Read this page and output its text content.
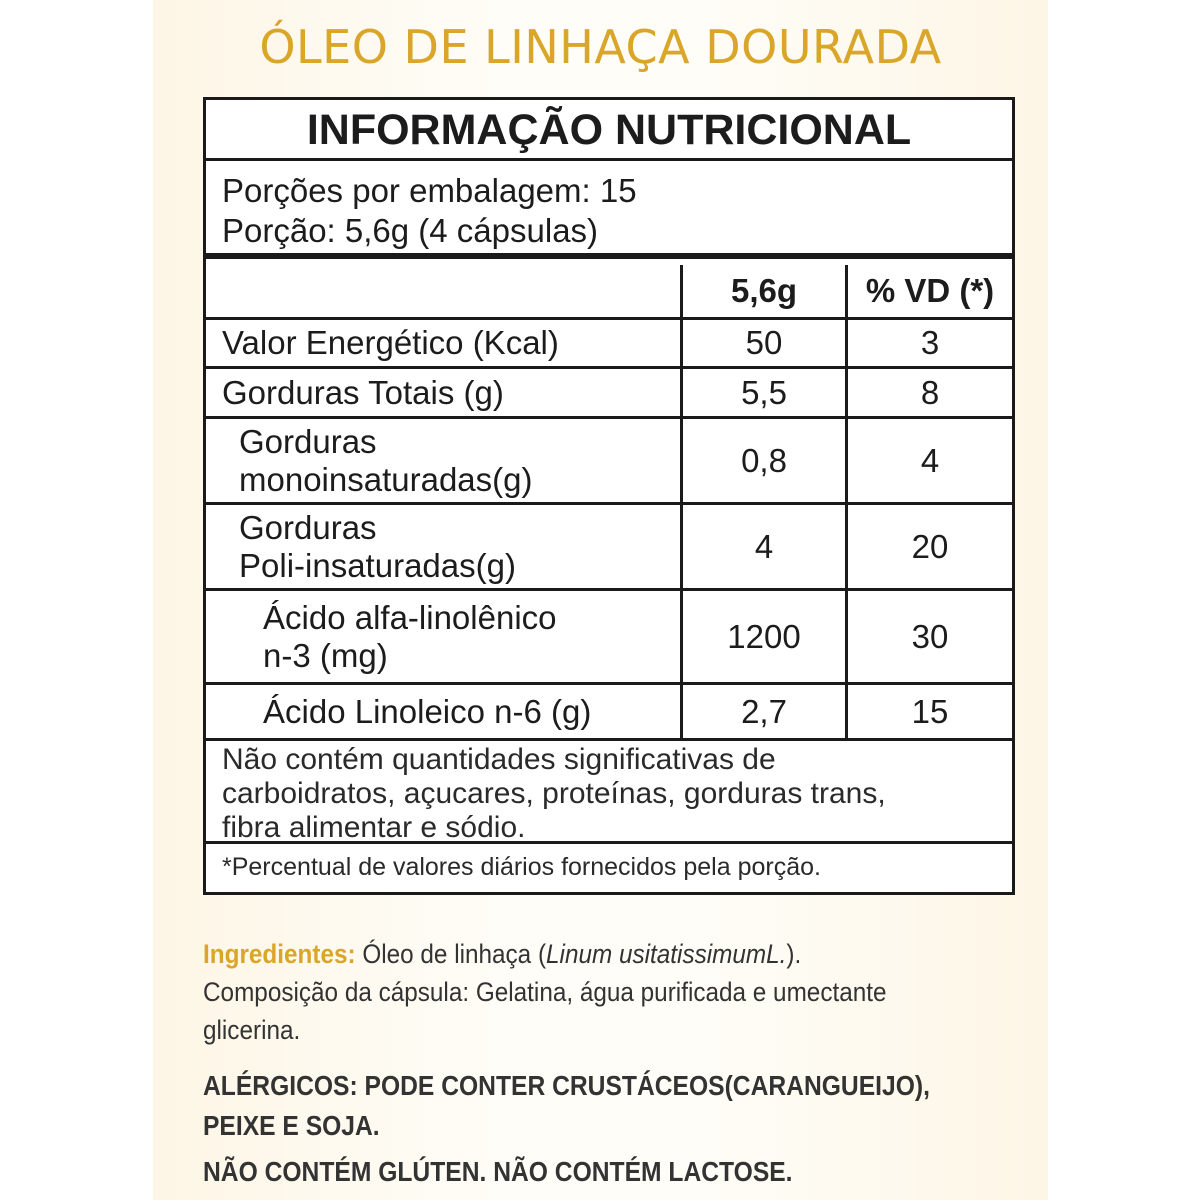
ÓLEO DE LINHAÇA DOURADA
INFORMAÇÃO NUTRICIONAL
Porções por embalagem: 15
Porção: 5,6g (4 cápsulas)
5,6g	% VD (*)
Valor Energético (Kcal)	50	3
Gorduras Totais (g)	5,5	8
Gorduras
monoinsaturadas(g)
0,8	4
Gorduras
Poli-insaturadas(g)
4	20
Ácido alfa-linolênico
n-3 (mg)
1200	30
Ácido Linoleico n-6 (g)	2,7	15
Não contém quantidades significativas de
carboidratos, açucares, proteínas, gorduras trans,
fibra alimentar e sódio.
*Percentual de valores diários fornecidos pela porção.
Ingredientes: Óleo de linhaça (Linum usitatissimumL.).
Composição da cápsula: Gelatina, água purificada e umectante
glicerina.
ALÉRGICOS: PODE CONTER CRUSTÁCEOS(CARANGUEIJO),
PEIXE E SOJA.
NÃO CONTÉM GLÚTEN. NÃO CONTÉM LACTOSE.
